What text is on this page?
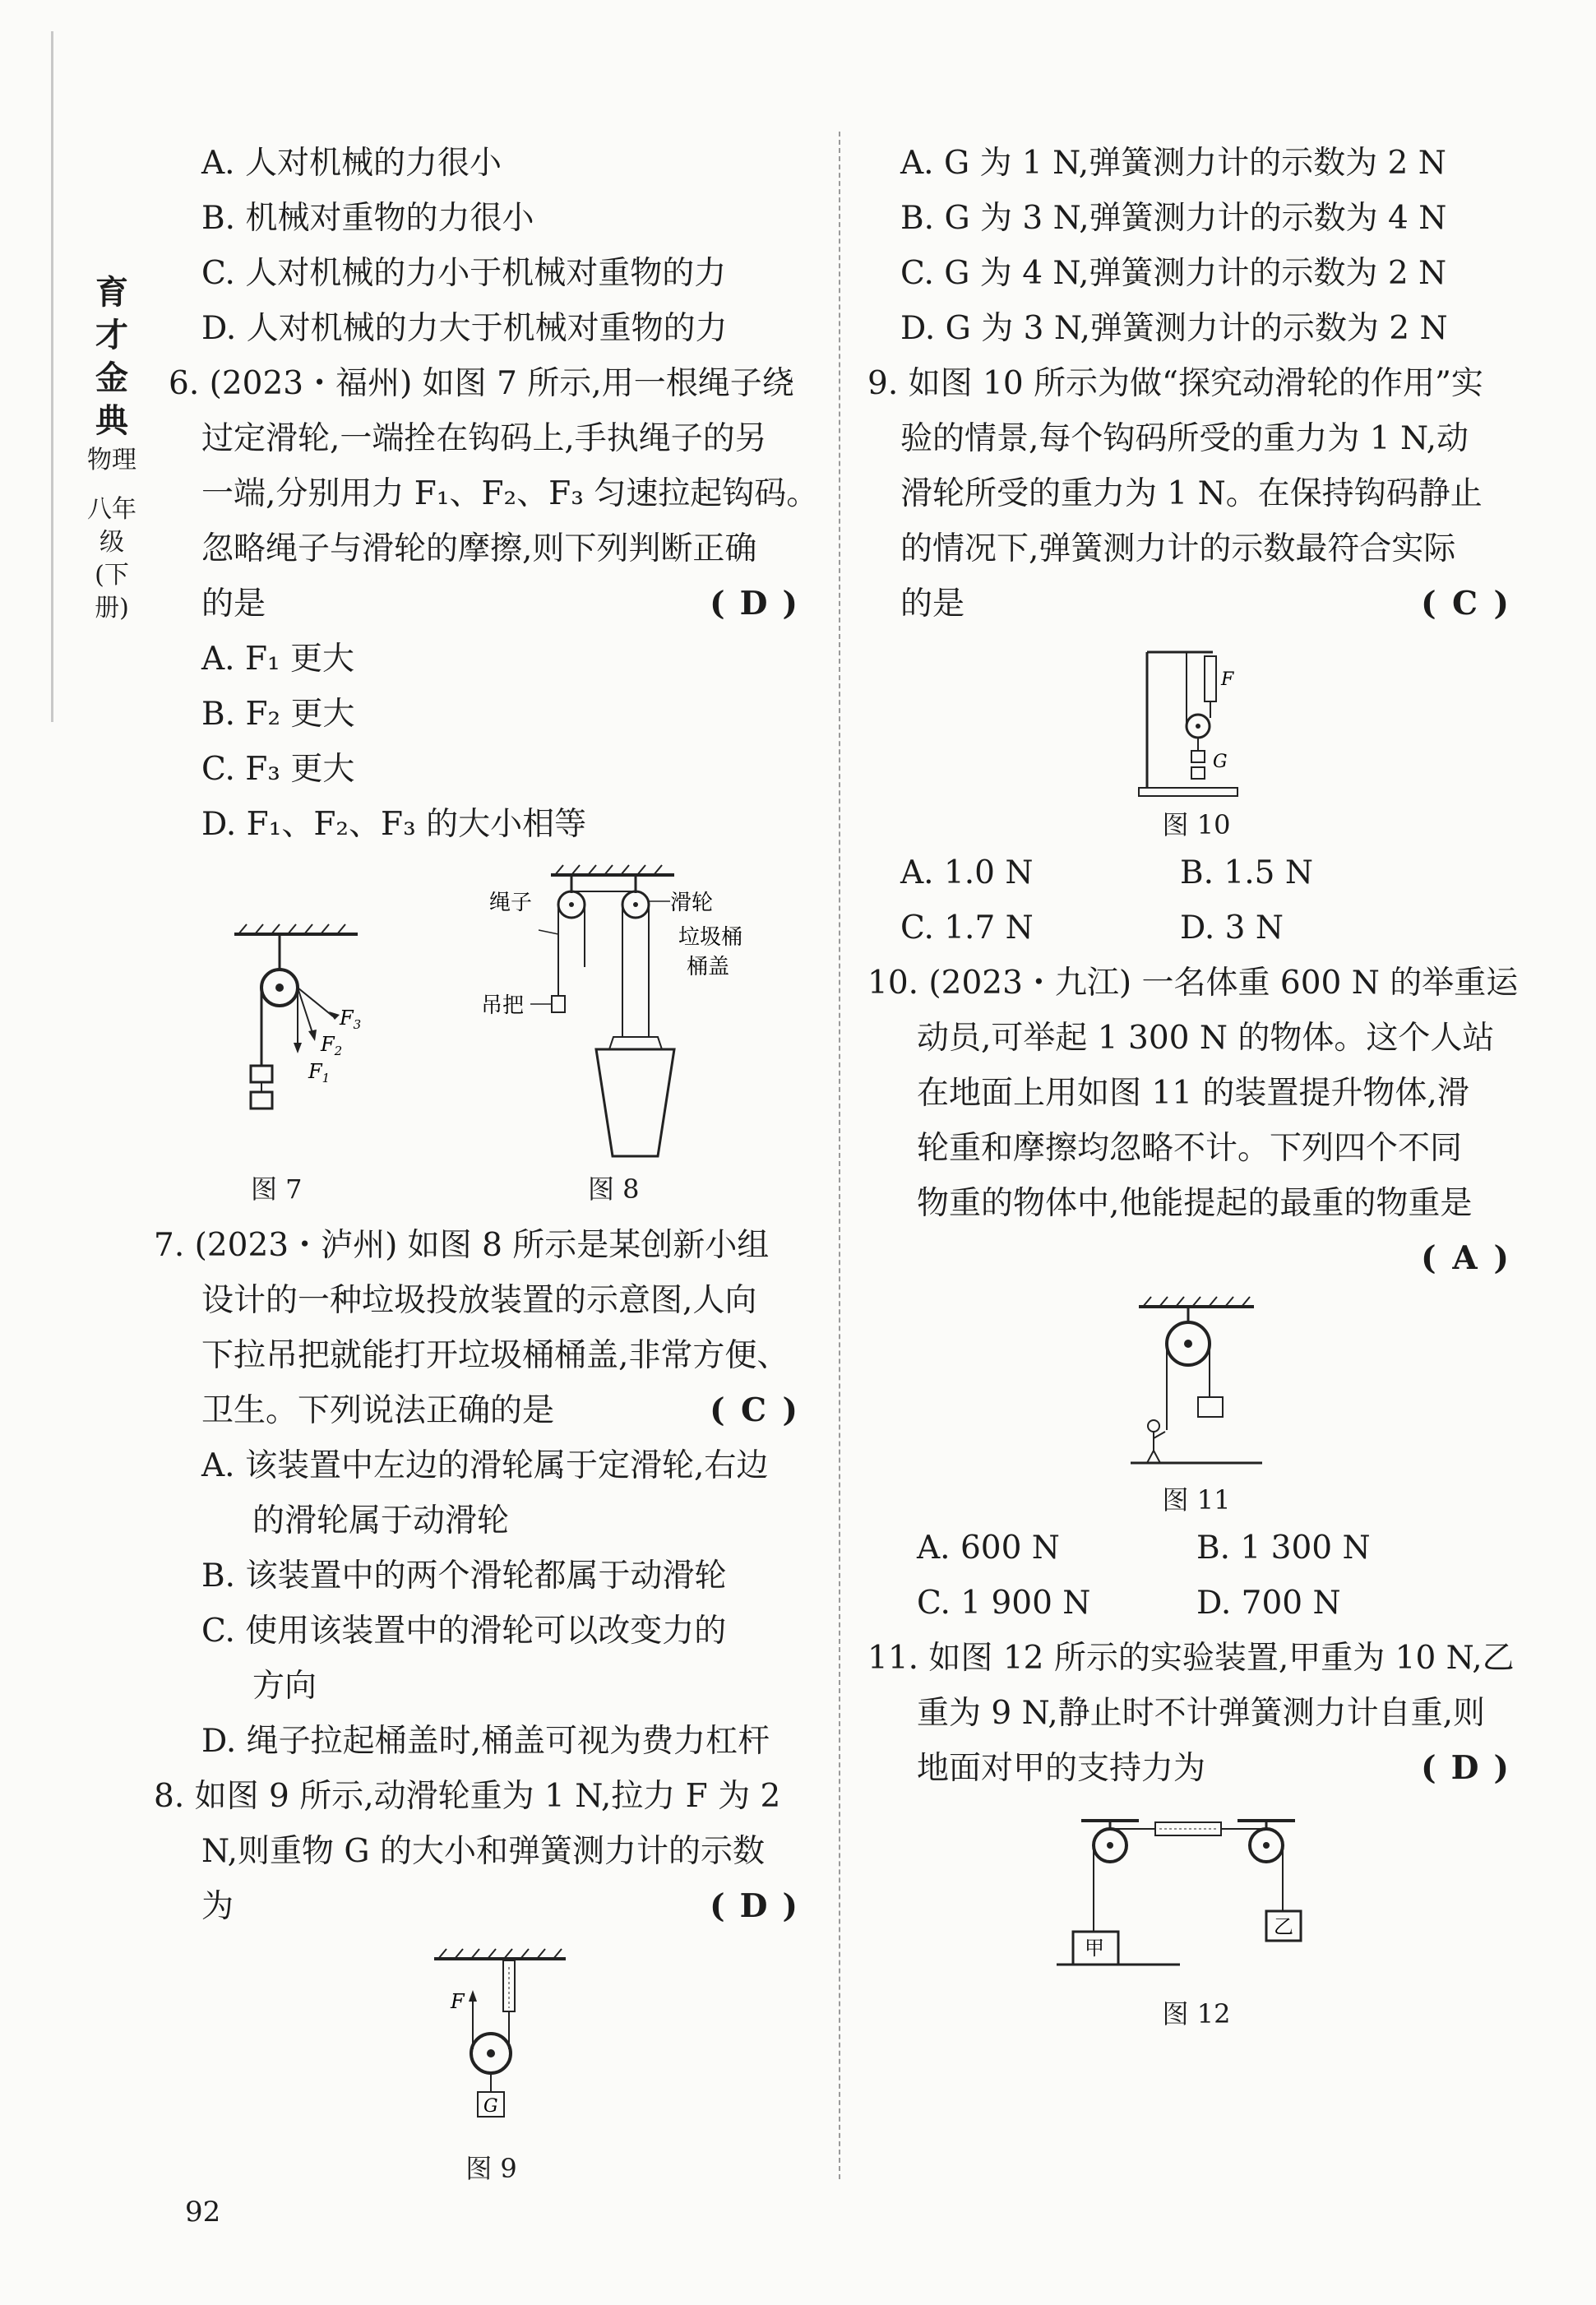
育才金典
物理
八年级(下册)

A. 人对机械的力很小

B. 机械对重物的力很小

C. 人对机械的力小于机械对重物的力

D. 人对机械的力大于机械对重物的力

6. (2023・福州) 如图 7 所示,用一根绳子绕

过定滑轮,一端拴在钩码上,手执绳子的另

一端,分别用力 F₁、F₂、F₃ 匀速拉起钩码。

忽略绳子与滑轮的摩擦,则下列判断正确

的是	( D )

A. F₁ 更大

B. F₂ 更大

C. F₃ 更大

D. F₁、F₂、F₃ 的大小相等

$F_1$
$F_2$
$F_3$
图 7
绳子	滑轮
垃圾桶
桶盖
吊把
图 8

7. (2023・泸州) 如图 8 所示是某创新小组

设计的一种垃圾投放装置的示意图,人向

下拉吊把就能打开垃圾桶桶盖,非常方便、

卫生。下列说法正确的是	( C )

A. 该装置中左边的滑轮属于定滑轮,右边

的滑轮属于动滑轮

B. 该装置中的两个滑轮都属于动滑轮

C. 使用该装置中的滑轮可以改变力的

方向

D. 绳子拉起桶盖时,桶盖可视为费力杠杆

8. 如图 9 所示,动滑轮重为 1 N,拉力 F 为 2

N,则重物 G 的大小和弹簧测力计的示数

为	( D )

G
F
图 9

A. G 为 1 N,弹簧测力计的示数为 2 N

B. G 为 3 N,弹簧测力计的示数为 4 N

C. G 为 4 N,弹簧测力计的示数为 2 N

D. G 为 3 N,弹簧测力计的示数为 2 N

9. 如图 10 所示为做“探究动滑轮的作用”实

验的情景,每个钩码所受的重力为 1 N,动

滑轮所受的重力为 1 N。在保持钩码静止

的情况下,弹簧测力计的示数最符合实际

的是	( C )

F
G
图 10
A. 1.0 N	B. 1.5 N
C. 1.7 N	D. 3 N

10. (2023・九江) 一名体重 600 N 的举重运

动员,可举起 1 300 N 的物体。这个人站

在地面上用如图 11 的装置提升物体,滑

轮重和摩擦均忽略不计。下列四个不同

物重的物体中,他能提起的最重的物重是

( A )

图 11
A. 600 N	B. 1 300 N
C. 1 900 N	D. 700 N

11. 如图 12 所示的实验装置,甲重为 10 N,乙

重为 9 N,静止时不计弹簧测力计自重,则

地面对甲的支持力为	( D )

甲
乙
图 12
92
